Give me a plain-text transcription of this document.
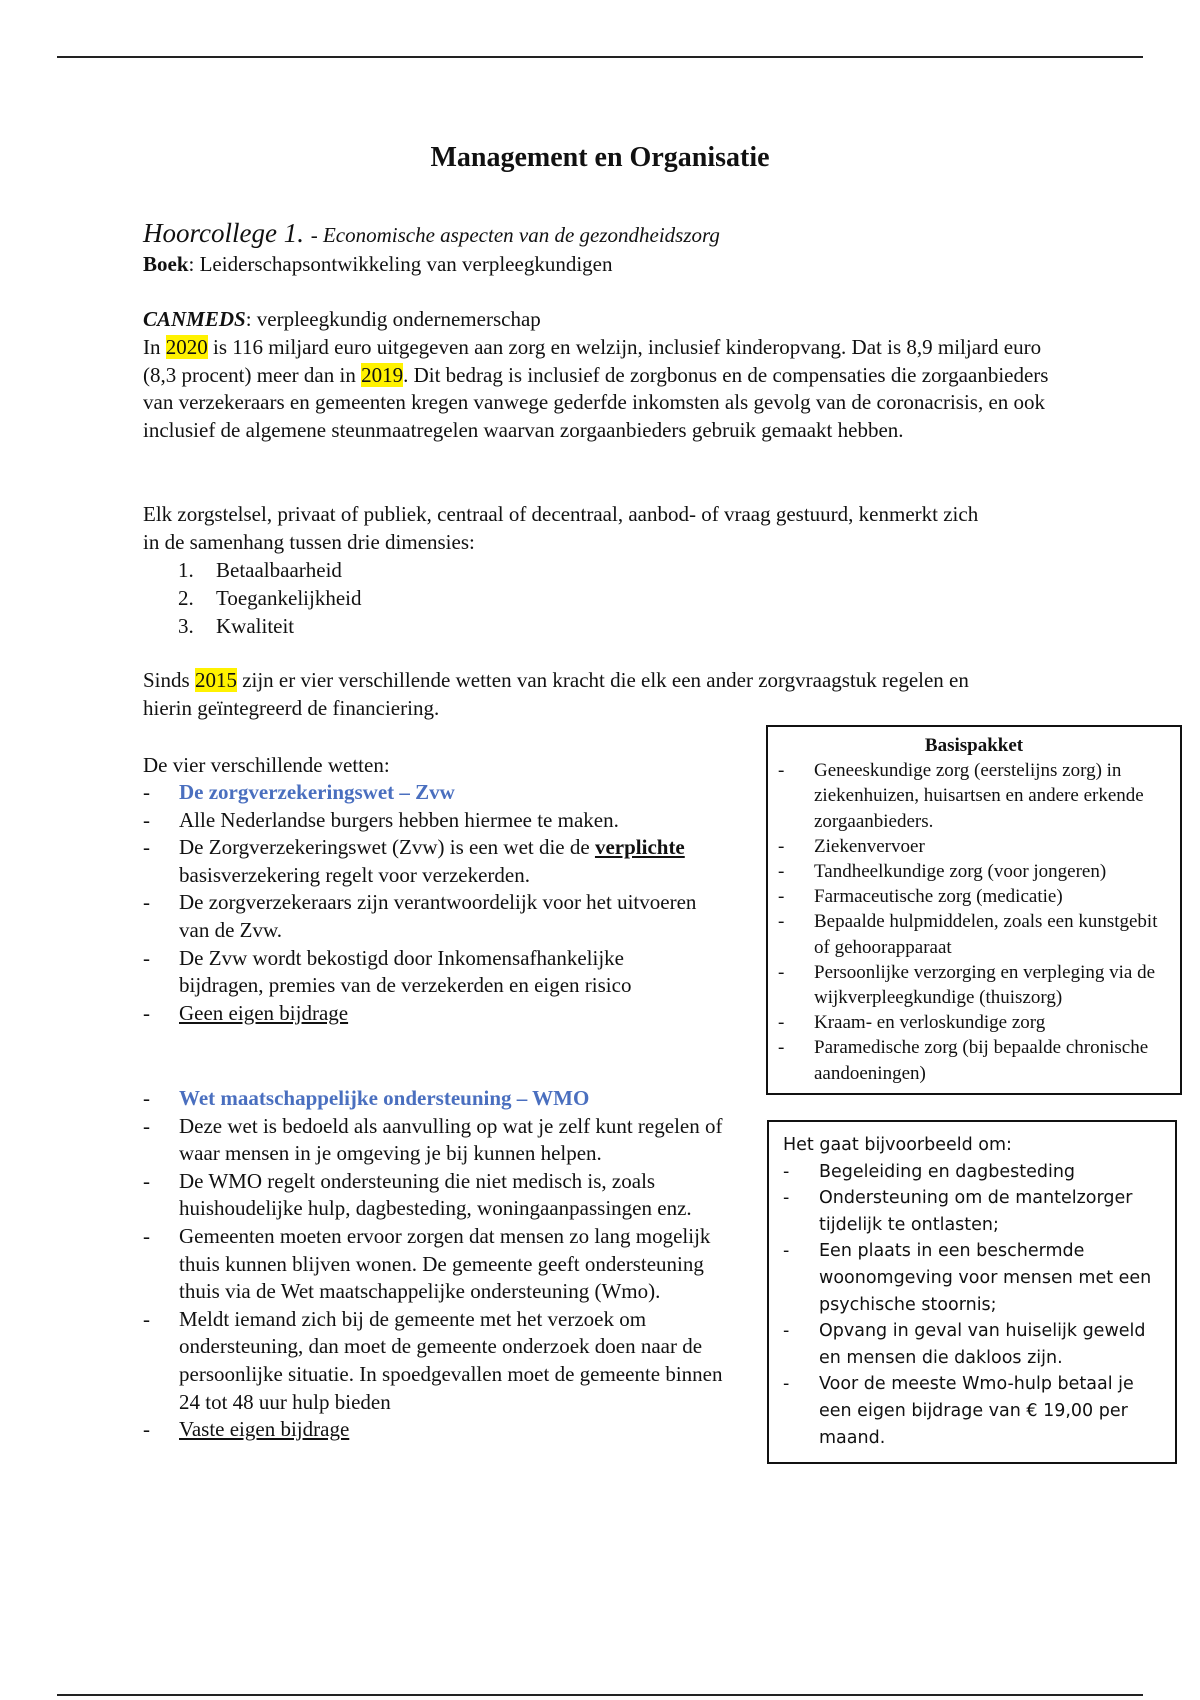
Management en Organisatie
Hoorcollege 1. - Economische aspecten van de gezondheidszorg
Boek: Leiderschapsontwikkeling van verpleegkundigen
CANMEDS: verpleegkundig ondernemerschap
In 2020 is 116 miljard euro uitgegeven aan zorg en welzijn, inclusief kinderopvang. Dat is 8,9 miljard euro (8,3 procent) meer dan in 2019. Dit bedrag is inclusief de zorgbonus en de compensaties die zorgaanbieders van verzekeraars en gemeenten kregen vanwege gederfde inkomsten als gevolg van de coronacrisis, en ook inclusief de algemene steunmaatregelen waarvan zorgaanbieders gebruik gemaakt hebben.
Elk zorgstelsel, privaat of publiek, centraal of decentraal, aanbod- of vraag gestuurd, kenmerkt zich in de samenhang tussen drie dimensies:
1. Betaalbaarheid
2. Toegankelijkheid
3. Kwaliteit
Sinds 2015 zijn er vier verschillende wetten van kracht die elk een ander zorgvraagstuk regelen en hierin geïntegreerd de financiering.
De vier verschillende wetten:
-	De zorgverzekeringswet – Zvw
-	Alle Nederlandse burgers hebben hiermee te maken.
-	De Zorgverzekeringswet (Zvw) is een wet die de verplichte basisverzekering regelt voor verzekerden.
-	De zorgverzekeraars zijn verantwoordelijk voor het uitvoeren van de Zvw.
-	De Zvw wordt bekostigd door Inkomensafhankelijke bijdragen, premies van de verzekerden en eigen risico
-	Geen eigen bijdrage
-	Wet maatschappelijke ondersteuning – WMO
-	Deze wet is bedoeld als aanvulling op wat je zelf kunt regelen of waar mensen in je omgeving je bij kunnen helpen.
-	De WMO regelt ondersteuning die niet medisch is, zoals huishoudelijke hulp, dagbesteding, woningaanpassingen enz.
-	Gemeenten moeten ervoor zorgen dat mensen zo lang mogelijk thuis kunnen blijven wonen. De gemeente geeft ondersteuning thuis via de Wet maatschappelijke ondersteuning (Wmo).
-	Meldt iemand zich bij de gemeente met het verzoek om ondersteuning, dan moet de gemeente onderzoek doen naar de persoonlijke situatie. In spoedgevallen moet de gemeente binnen 24 tot 48 uur hulp bieden
-	Vaste eigen bijdrage
Basispakket
-	Geneeskundige zorg (eerstelijns zorg) in ziekenhuizen, huisartsen en andere erkende zorgaanbieders.
-	Ziekenvervoer
-	Tandheelkundige zorg (voor jongeren)
-	Farmaceutische zorg (medicatie)
-	Bepaalde hulpmiddelen, zoals een kunstgebit of gehoorapparaat
-	Persoonlijke verzorging en verpleging via de wijkverpleegkundige (thuiszorg)
-	Kraam- en verloskundige zorg
-	Paramedische zorg (bij bepaalde chronische aandoeningen)
Het gaat bijvoorbeeld om:
-	Begeleiding en dagbesteding
-	Ondersteuning om de mantelzorger tijdelijk te ontlasten;
-	Een plaats in een beschermde woonomgeving voor mensen met een psychische stoornis;
-	Opvang in geval van huiselijk geweld en mensen die dakloos zijn.
-	Voor de meeste Wmo-hulp betaal je een eigen bijdrage van € 19,00 per maand.
